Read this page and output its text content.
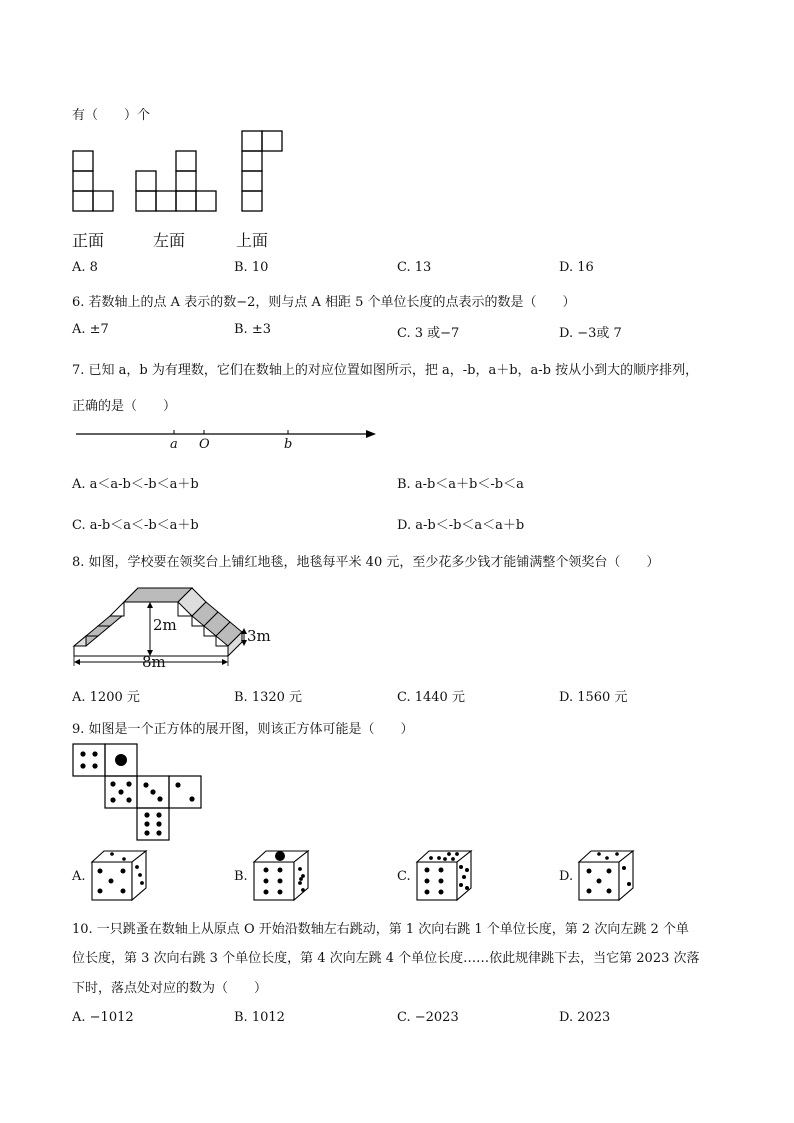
有（　　）个
正面	左面	上面
A. 8	B. 10	C. 13	D. 16
6. 若数轴上的点 A 表示的数−2，则与点 A 相距 5 个单位长度的点表示的数是（　　）
A. ±7	B. ±3	C. 3 或−7	D. −3或 7
7. 已知 a，b 为有理数，它们在数轴上的对应位置如图所示，把 a，-b，a＋b，a-b 按从小到大的顺序排列，
正确的是（　　）
a O	b
A. a＜a-b＜-b＜a＋b	B. a-b＜a＋b＜-b＜a
C. a-b＜a＜-b＜a＋b	D. a-b＜-b＜a＜a＋b
8. 如图，学校要在领奖台上铺红地毯，地毯每平米 40 元，至少花多少钱才能铺满整个领奖台（　　）
2m
3m
8m
A. 1200 元	B. 1320 元	C. 1440 元	D. 1560 元
9. 如图是一个正方体的展开图，则该正方体可能是（　　）
A.	B.	C.	D.
10. 一只跳蚤在数轴上从原点 O 开始沿数轴左右跳动，第 1 次向右跳 1 个单位长度，第 2 次向左跳 2 个单
位长度，第 3 次向右跳 3 个单位长度，第 4 次向左跳 4 个单位长度……依此规律跳下去，当它第 2023 次落
下时，落点处对应的数为（　　）
A. −1012	B. 1012	C. −2023	D. 2023
